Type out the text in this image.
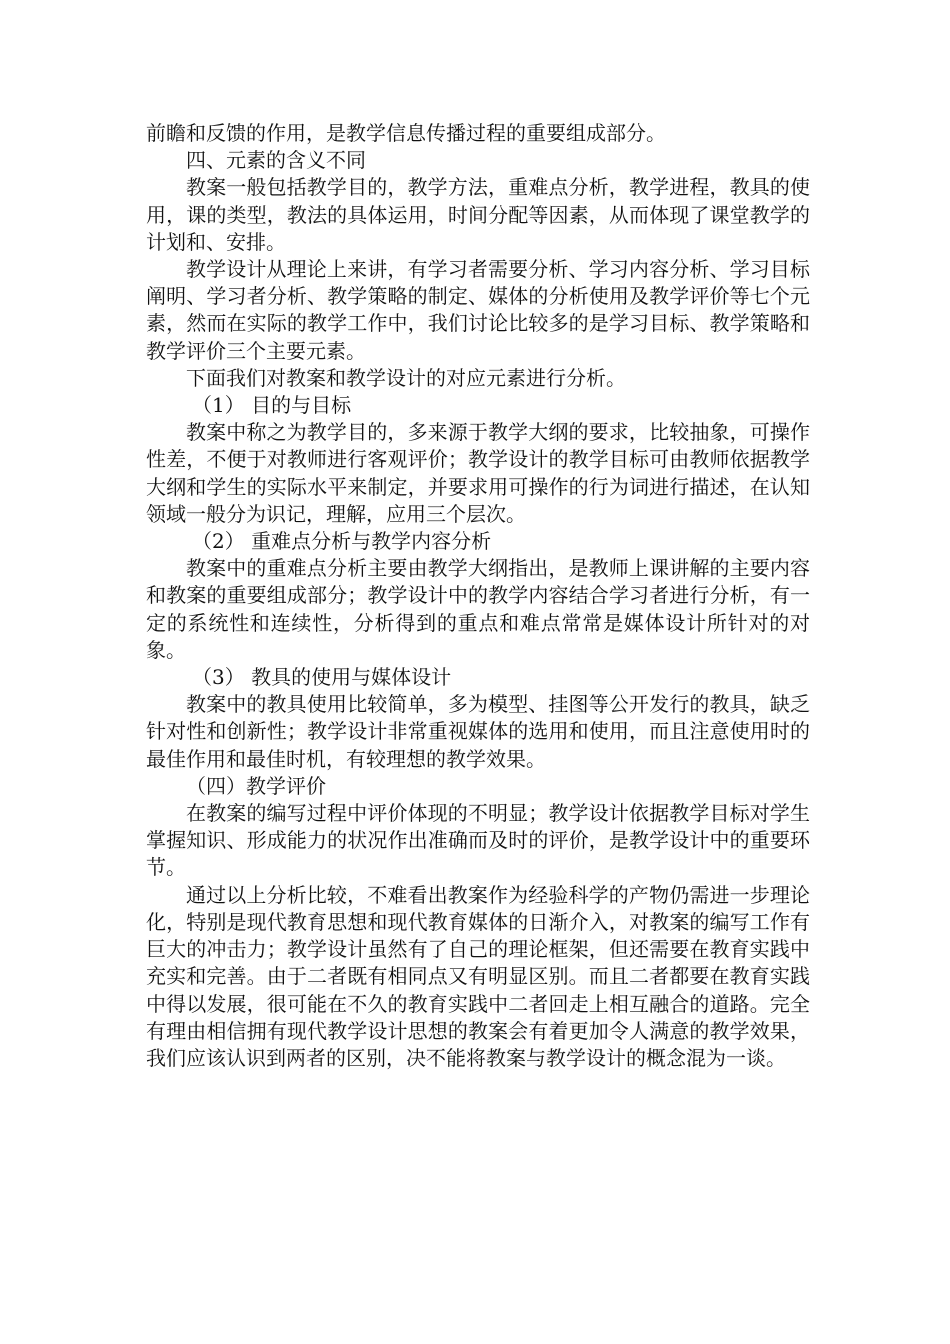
前瞻和反馈的作用，是教学信息传播过程的重要组成部分。

四、元素的含义不同

教案一般包括教学目的，教学方法，重难点分析，教学进程，教具的使用，课的类型，教法的具体运用，时间分配等因素，从而体现了课堂教学的计划和、安排。

教学设计从理论上来讲，有学习者需要分析、学习内容分析、学习目标阐明、学习者分析、教学策略的制定、媒体的分析使用及教学评价等七个元素，然而在实际的教学工作中，我们讨论比较多的是学习目标、教学策略和教学评价三个主要元素。

下面我们对教案和教学设计的对应元素进行分析。

（1） 目的与目标

教案中称之为教学目的，多来源于教学大纲的要求，比较抽象，可操作性差，不便于对教师进行客观评价；教学设计的教学目标可由教师依据教学大纲和学生的实际水平来制定，并要求用可操作的行为词进行描述，在认知领域一般分为识记，理解，应用三个层次。

（2） 重难点分析与教学内容分析

教案中的重难点分析主要由教学大纲指出，是教师上课讲解的主要内容和教案的重要组成部分；教学设计中的教学内容结合学习者进行分析，有一定的系统性和连续性，分析得到的重点和难点常常是媒体设计所针对的对象。

（3） 教具的使用与媒体设计

教案中的教具使用比较简单，多为模型、挂图等公开发行的教具，缺乏针对性和创新性；教学设计非常重视媒体的选用和使用，而且注意使用时的最佳作用和最佳时机，有较理想的教学效果。

（四）教学评价

在教案的编写过程中评价体现的不明显；教学设计依据教学目标对学生掌握知识、形成能力的状况作出准确而及时的评价，是教学设计中的重要环节。

通过以上分析比较，不难看出教案作为经验科学的产物仍需进一步理论化，特别是现代教育思想和现代教育媒体的日渐介入，对教案的编写工作有巨大的冲击力；教学设计虽然有了自己的理论框架，但还需要在教育实践中充实和完善。由于二者既有相同点又有明显区别。而且二者都要在教育实践中得以发展，很可能在不久的教育实践中二者回走上相互融合的道路。完全有理由相信拥有现代教学设计思想的教案会有着更加令人满意的教学效果，我们应该认识到两者的区别，决不能将教案与教学设计的概念混为一谈。
